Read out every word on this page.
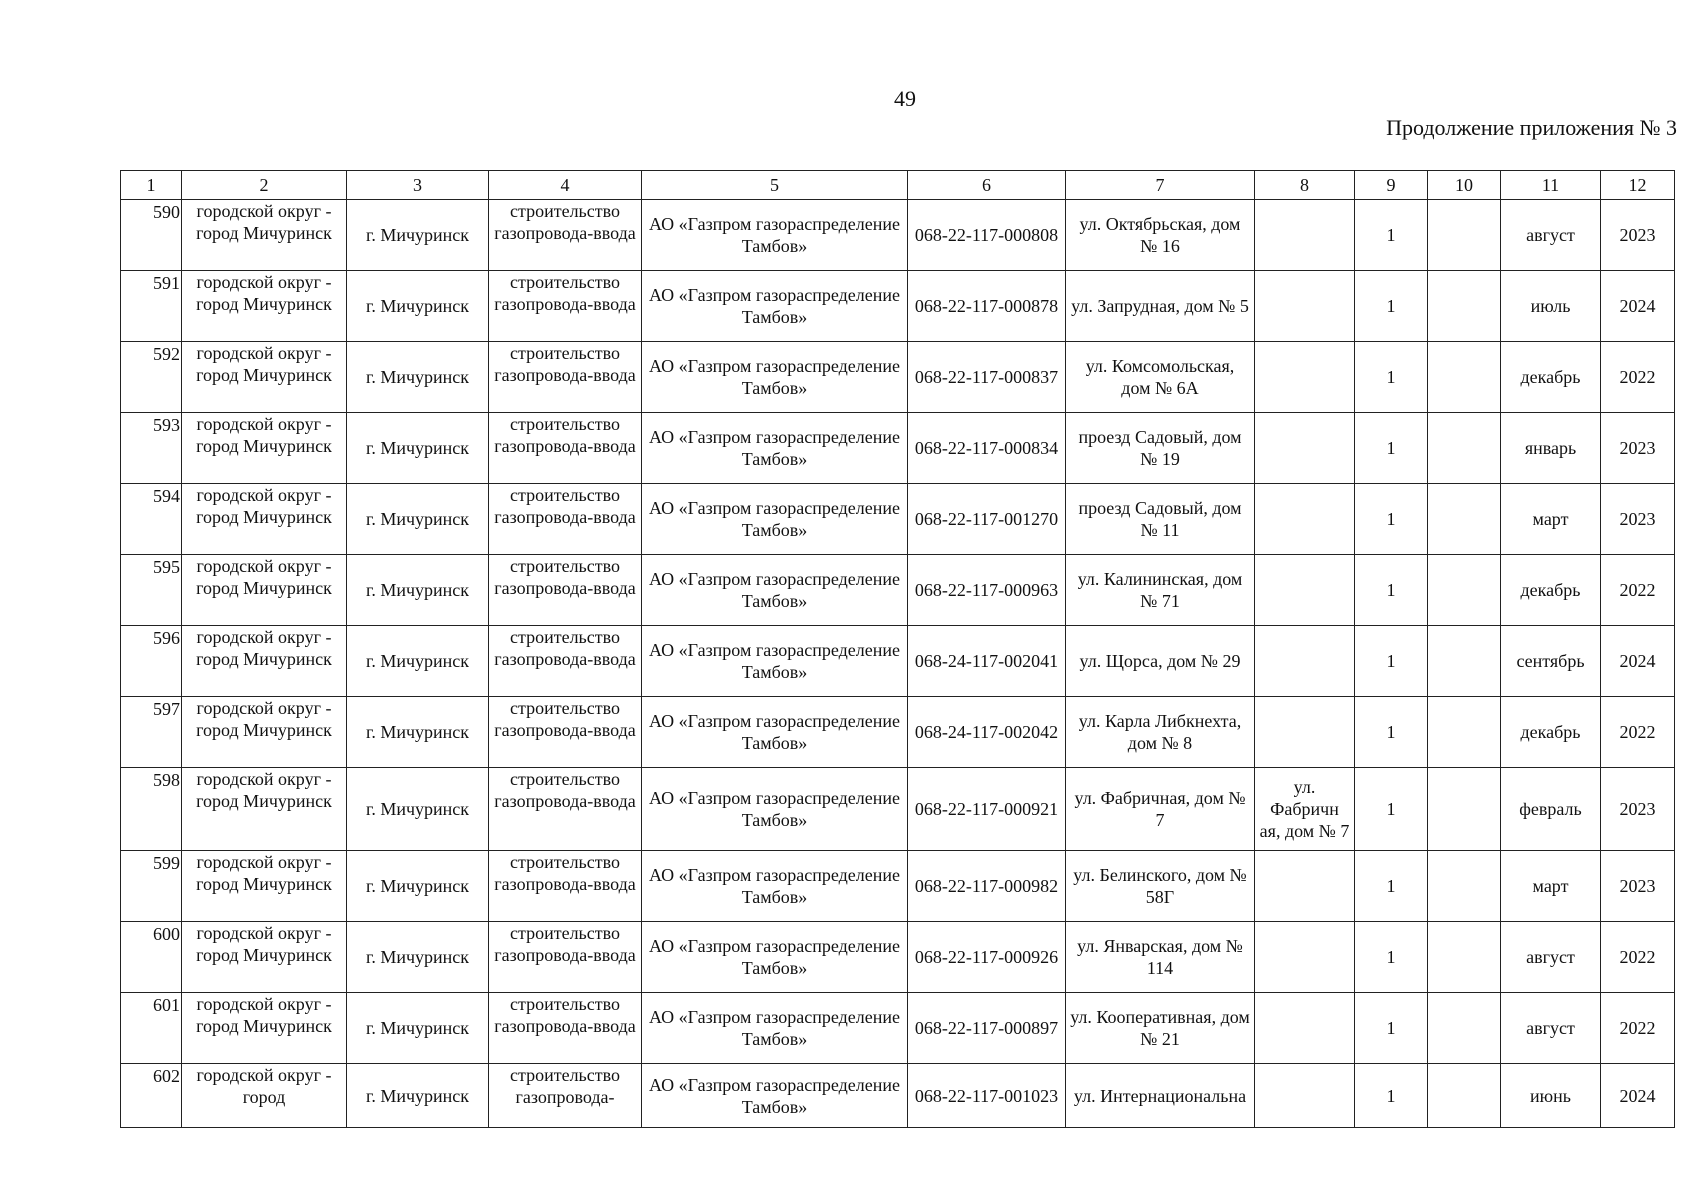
49
Продолжение приложения № 3
1	2	3	4	5	6	7	8	9	10	11	12
590	городской округ - город Мичуринск	г. Мичуринск	строительство газопровода-ввода	АО «Газпром газораспределение Тамбов»	068-22-117-000808	ул. Октябрьская, дом № 16		1		август	2023
591	городской округ - город Мичуринск	г. Мичуринск	строительство газопровода-ввода	АО «Газпром газораспределение Тамбов»	068-22-117-000878	ул. Запрудная, дом № 5		1		июль	2024
592	городской округ - город Мичуринск	г. Мичуринск	строительство газопровода-ввода	АО «Газпром газораспределение Тамбов»	068-22-117-000837	ул. Комсомольская, дом № 6А		1		декабрь	2022
593	городской округ - город Мичуринск	г. Мичуринск	строительство газопровода-ввода	АО «Газпром газораспределение Тамбов»	068-22-117-000834	проезд Садовый, дом № 19		1		январь	2023
594	городской округ - город Мичуринск	г. Мичуринск	строительство газопровода-ввода	АО «Газпром газораспределение Тамбов»	068-22-117-001270	проезд Садовый, дом № 11		1		март	2023
595	городской округ - город Мичуринск	г. Мичуринск	строительство газопровода-ввода	АО «Газпром газораспределение Тамбов»	068-22-117-000963	ул. Калининская, дом № 71		1		декабрь	2022
596	городской округ - город Мичуринск	г. Мичуринск	строительство газопровода-ввода	АО «Газпром газораспределение Тамбов»	068-24-117-002041	ул. Щорса, дом № 29		1		сентябрь	2024
597	городской округ - город Мичуринск	г. Мичуринск	строительство газопровода-ввода	АО «Газпром газораспределение Тамбов»	068-24-117-002042	ул. Карла Либкнехта, дом № 8		1		декабрь	2022
598	городской округ - город Мичуринск	г. Мичуринск	строительство газопровода-ввода	АО «Газпром газораспределение Тамбов»	068-22-117-000921	ул. Фабричная, дом № 7	ул. Фабричн ая, дом № 7	1		февраль	2023
599	городской округ - город Мичуринск	г. Мичуринск	строительство газопровода-ввода	АО «Газпром газораспределение Тамбов»	068-22-117-000982	ул. Белинского, дом № 58Г		1		март	2023
600	городской округ - город Мичуринск	г. Мичуринск	строительство газопровода-ввода	АО «Газпром газораспределение Тамбов»	068-22-117-000926	ул. Январская, дом № 114		1		август	2022
601	городской округ - город Мичуринск	г. Мичуринск	строительство газопровода-ввода	АО «Газпром газораспределение Тамбов»	068-22-117-000897	ул. Кооперативная, дом № 21		1		август	2022
602	городской округ - город	г. Мичуринск	строительство газопровода-	АО «Газпром газораспределение Тамбов»	068-22-117-001023	ул. Интернациональна		1		июнь	2024
